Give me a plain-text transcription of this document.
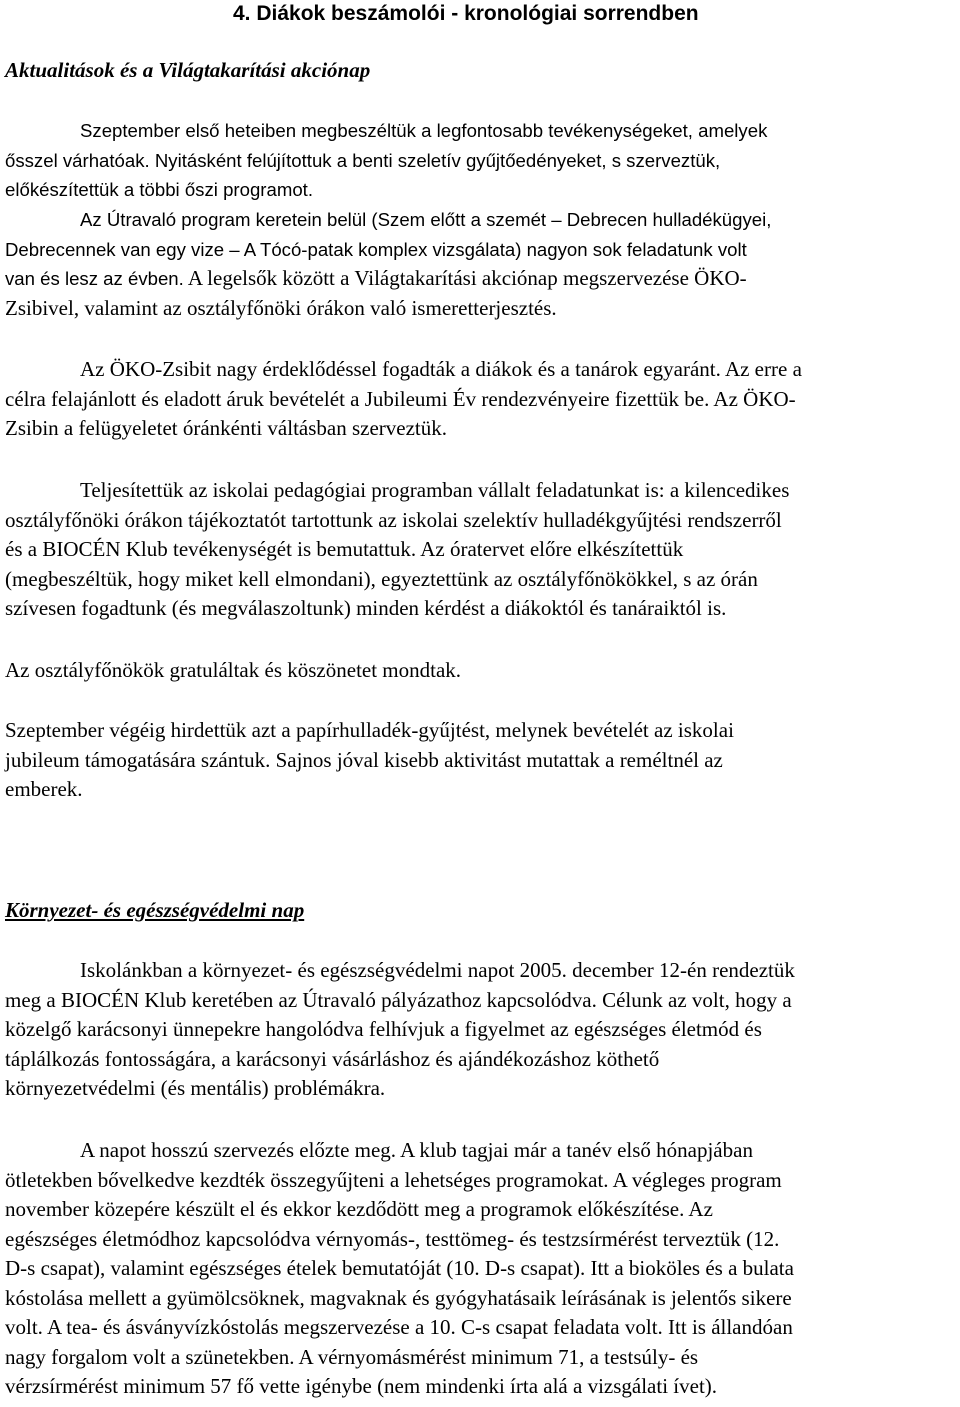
4. Diákok beszámolói - kronológiai sorrendben
Aktualitások és a Világtakarítási akciónap
Szeptember első heteiben megbeszéltük a legfontosabb tevékenységeket, amelyek
ősszel várhatóak. Nyitásként felújítottuk a benti szeletív gyűjtőedényeket, s szerveztük,
előkészítettük a többi őszi programot.
Az Útravaló program keretein belül (Szem előtt a szemét – Debrecen hulladékügyei,
Debrecennek van egy vize – A Tócó-patak komplex vizsgálata) nagyon sok feladatunk volt
van és lesz az évben. A legelsők között a Világtakarítási akciónap megszervezése ÖKO-
Zsibivel, valamint az osztályfőnöki órákon való ismeretterjesztés.
Az ÖKO-Zsibit nagy érdeklődéssel fogadták a diákok és a tanárok egyaránt. Az erre a
célra felajánlott és eladott áruk bevételét a Jubileumi Év rendezvényeire fizettük be. Az ÖKO-
Zsibin a felügyeletet óránkénti váltásban szerveztük.
Teljesítettük az iskolai pedagógiai programban vállalt feladatunkat is: a kilencedikes
osztályfőnöki órákon tájékoztatót tartottunk az iskolai szelektív hulladékgyűjtési rendszerről
és a BIOCÉN Klub tevékenységét is bemutattuk. Az óratervet előre elkészítettük
(megbeszéltük, hogy miket kell elmondani), egyeztettünk az osztályfőnökökkel, s az órán
szívesen fogadtunk (és megválaszoltunk) minden kérdést a diákoktól és tanáraiktól is.
Az osztályfőnökök gratuláltak és köszönetet mondtak.
Szeptember végéig hirdettük azt a papírhulladék-gyűjtést, melynek bevételét az iskolai
jubileum támogatására szántuk. Sajnos jóval kisebb aktivitást mutattak a reméltnél az
emberek.
Környezet- és egészségvédelmi nap
Iskolánkban a környezet- és egészségvédelmi napot 2005. december 12-én rendeztük
meg a BIOCÉN Klub keretében az Útravaló pályázathoz kapcsolódva. Célunk az volt, hogy a
közelgő karácsonyi ünnepekre hangolódva felhívjuk a figyelmet az egészséges életmód és
táplálkozás fontosságára, a karácsonyi vásárláshoz és ajándékozáshoz köthető
környezetvédelmi (és mentális) problémákra.
A napot hosszú szervezés előzte meg. A klub tagjai már a tanév első hónapjában
ötletekben bővelkedve kezdték összegyűjteni a lehetséges programokat. A végleges program
november közepére készült el és ekkor kezdődött meg a programok előkészítése. Az
egészséges életmódhoz kapcsolódva vérnyomás-, testtömeg- és testzsírmérést terveztük (12.
D-s csapat), valamint egészséges ételek bemutatóját (10. D-s csapat). Itt a bioköles és a bulata
kóstolása mellett a gyümölcsöknek, magvaknak és gyógyhatásaik leírásának is jelentős sikere
volt. A tea- és ásványvízkóstolás megszervezése a 10. C-s csapat feladata volt. Itt is állandóan
nagy forgalom volt a szünetekben. A vérnyomásmérést minimum 71, a testsúly- és
vérzsírmérést minimum 57 fő vette igénybe (nem mindenki írta alá a vizsgálati ívet).
